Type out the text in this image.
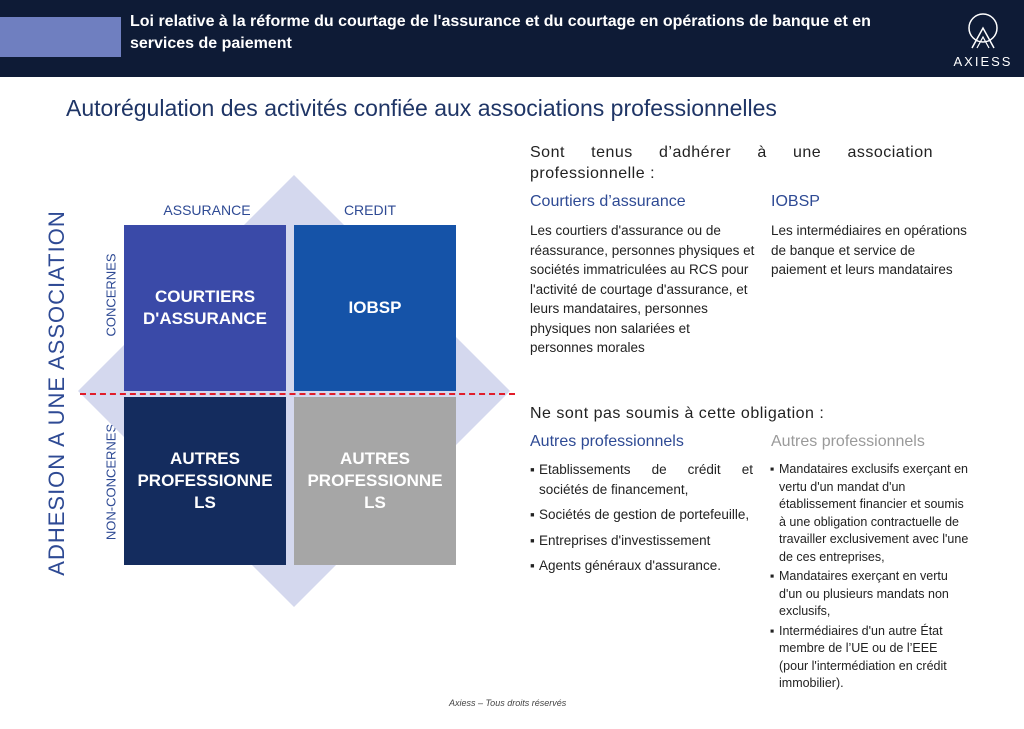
Loi relative à la réforme du courtage de l'assurance et du courtage en opérations de banque et en services de paiement
AXIESS
Autorégulation des activités confiée aux associations professionnelles
ADHESION A UNE ASSOCIATION	CONCERNES
NON-CONCERNES
ASSURANCE	CREDIT
COURTIERS
D'ASSURANCE
IOBSP
AUTRES
PROFESSIONNE
LS
AUTRES
PROFESSIONNE
LS
Sont tenus d’adhérer à une association professionnelle :
Courtiers d’assurance
Les courtiers d'assurance ou de réassurance, personnes physiques et sociétés immatriculées au RCS pour l'activité de courtage d'assurance, et leurs mandataires, personnes physiques non salariées et personnes morales
IOBSP
Les intermédiaires en opérations de banque et service de paiement et leurs mandataires
Ne sont pas soumis à cette obligation :
Autres professionnels
▪ Etablissements de crédit et sociétés de financement,
▪ Sociétés de gestion de portefeuille,
▪ Entreprises d'investissement
▪ Agents généraux d'assurance.
Autres professionnels
▪ Mandataires exclusifs exerçant en vertu d'un mandat d'un établissement financier et soumis à une obligation contractuelle de travailler exclusivement avec l'une de ces entreprises,
▪ Mandataires exerçant en vertu d'un ou plusieurs mandats non exclusifs,
▪ Intermédiaires d'un autre État membre de l’UE ou de l’EEE (pour l'intermédiation en crédit immobilier).
Axiess – Tous droits réservés
